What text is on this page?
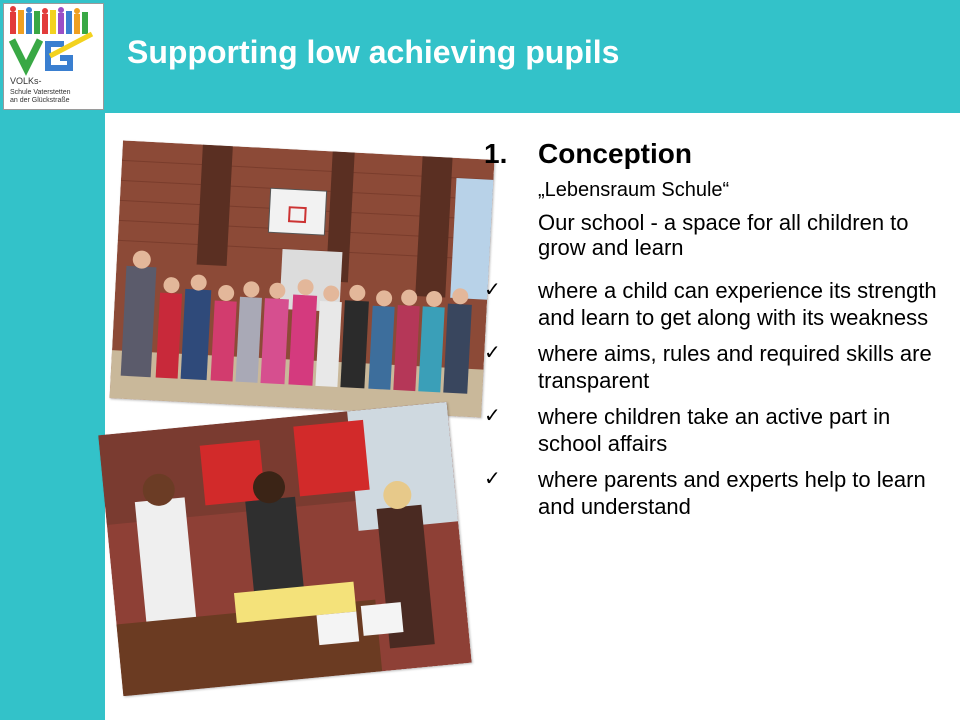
VOLKs-
Schule Vaterstetten
an der Glückstraße
Supporting low achieving pupils
1. Conception
„Lebensraum Schule“
Our school - a space for all children to grow and learn
✓ where a child can experience its strength and learn to get along with its weakness
✓ where aims, rules and required skills are transparent
✓ where children take an active part in school affairs
✓ where parents and experts help to learn and understand
